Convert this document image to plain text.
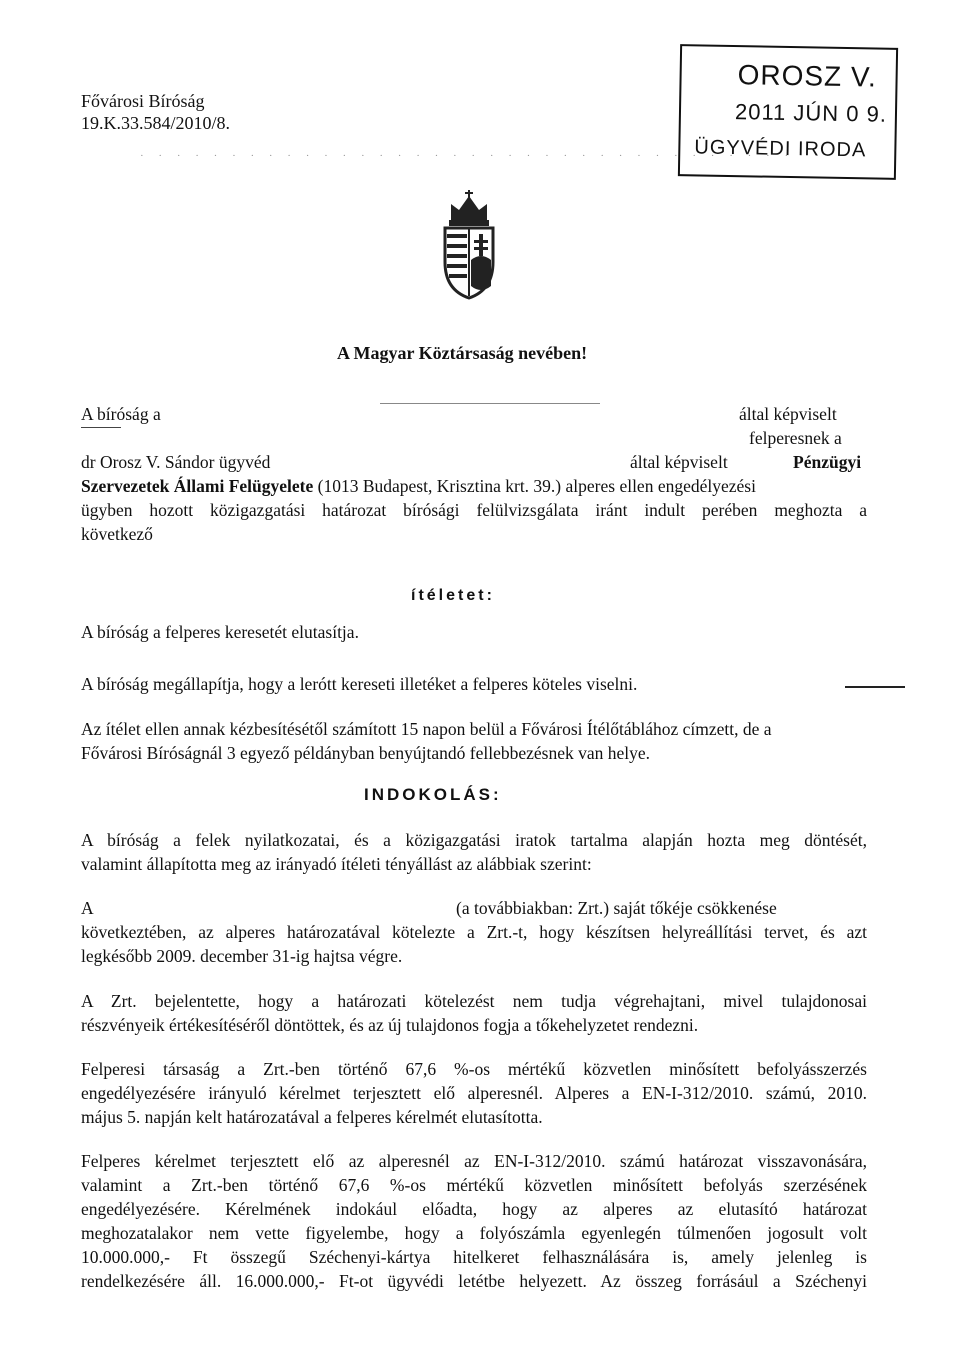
Fővárosi Bíróság
19.K.33.584/2010/8.
OROSZ V.
2011 JÚN 0 9.
ÜGYVÉDI IRODA
· · · · · · · · · · · · · · · · · · · · · · · · · · · · · · · · · · · ·
A Magyar Köztársaság nevében!
A bíróság a	által képviselt
felperesnek a
dr Orosz V. Sándor ügyvéd	által képviselt	Pénzügyi
Szervezetek Állami Felügyelete (1013 Budapest, Krisztina krt. 39.) alperes ellen engedélyezési
ügyben hozott közigazgatási határozat bírósági felülvizsgálata iránt indult perében meghozta a
következő
ítéletet:
A bíróság a felperes keresetét elutasítja.
A bíróság megállapítja, hogy a lerótt kereseti illetéket a felperes köteles viselni.
Az ítélet ellen annak kézbesítésétől számított 15 napon belül a Fővárosi Ítélőtáblához címzett, de a
Fővárosi Bíróságnál 3 egyező példányban benyújtandó fellebbezésnek van helye.
INDOKOLÁS:
A bíróság a felek nyilatkozatai, és a közigazgatási iratok tartalma alapján hozta meg döntését,
valamint állapította meg az irányadó ítéleti tényállást az alábbiak szerint:
A	(a továbbiakban: Zrt.) saját tőkéje csökkenése
következtében, az alperes határozatával kötelezte a Zrt.-t, hogy készítsen helyreállítási tervet, és azt
legkésőbb 2009. december 31-ig hajtsa végre.
A Zrt. bejelentette, hogy a határozati kötelezést nem tudja végrehajtani, mivel tulajdonosai
részvényeik értékesítéséről döntöttek, és az új tulajdonos fogja a tőkehelyzetet rendezni.
Felperesi társaság a Zrt.-ben történő 67,6 %-os mértékű közvetlen minősített befolyásszerzés
engedélyezésére irányuló kérelmet terjesztett elő alperesnél. Alperes a EN-I-312/2010. számú, 2010.
május 5. napján kelt határozatával a felperes kérelmét elutasította.
Felperes kérelmet terjesztett elő az alperesnél az EN-I-312/2010. számú határozat visszavonására,
valamint a Zrt.-ben történő 67,6 %-os mértékű közvetlen minősített befolyás szerzésének
engedélyezésére. Kérelmének indokául előadta, hogy az alperes az elutasító határozat
meghozatalakor nem vette figyelembe, hogy a folyószámla egyenlegén túlmenően jogosult volt
10.000.000,- Ft összegű Széchenyi-kártya hitelkeret felhasználására is, amely jelenleg is
rendelkezésére áll. 16.000.000,- Ft-ot ügyvédi letétbe helyezett. Az összeg forrásául a Széchenyi
